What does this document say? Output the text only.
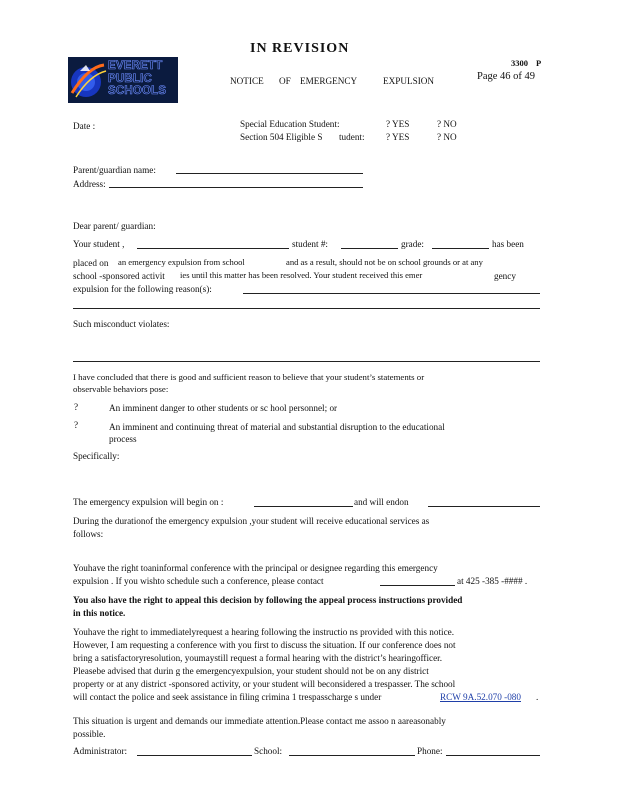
IN REVISION
3300 P
Page 46 of 49
EVERETT
PUBLIC
SCHOOLS
NOTICE OF EMERGENCY	EXPULSION
Date :	Special Education Student:	? YES	? NO
Section 504 Eligible S tudent: ? YES	? NO
Parent/guardian name:
Address:
Dear parent/ guardian:
Your student ,	student #:	grade:	has been
placed on an emergency expulsion from school	and as a result, should not be on school grounds or at any
school -sponsored activit ies until this matter has been resolved. Your student received this emer	gency
expulsion for the following reason(s):
Such misconduct violates:
I have concluded that there is good and sufficient reason to believe that your student’s statements or
observable behaviors pose:
?	An imminent danger to other students or sc hool personnel; or
?	An imminent and continuing threat of material and substantial disruption to the educational
process
Specifically:
The emergency expulsion will begin on :	and will endon
During the durationof the emergency expulsion ,your student will receive educational services as
follows:
Youhave the right toaninformal conference with the principal or designee regarding this emergency
expulsion . If you wishto schedule such a conference, please contact	at 425 -385 -#### .
You also have the right to appeal this decision by following the appeal process instructions provided
in this notice.
Youhave the right to immediatelyrequest a hearing following the instructio ns provided with this notice.
However, I am requesting a conference with you first to discuss the situation. If our conference does not
bring a satisfactoryresolution, youmaystill request a formal hearing with the district’s hearingofficer.
Pleasebe advised that durin g the emergencyexpulsion, your student should not be on any district
property or at any district -sponsored activity, or your student will beconsidered a trespasser. The school
will contact the police and seek assistance in filing crimina 1 trespasscharge s under	RCW 9A.52.070 -080 .
This situation is urgent and demands our immediate attention.Please contact me assoo n aareasonably
possible.
Administrator:	School:	Phone:
